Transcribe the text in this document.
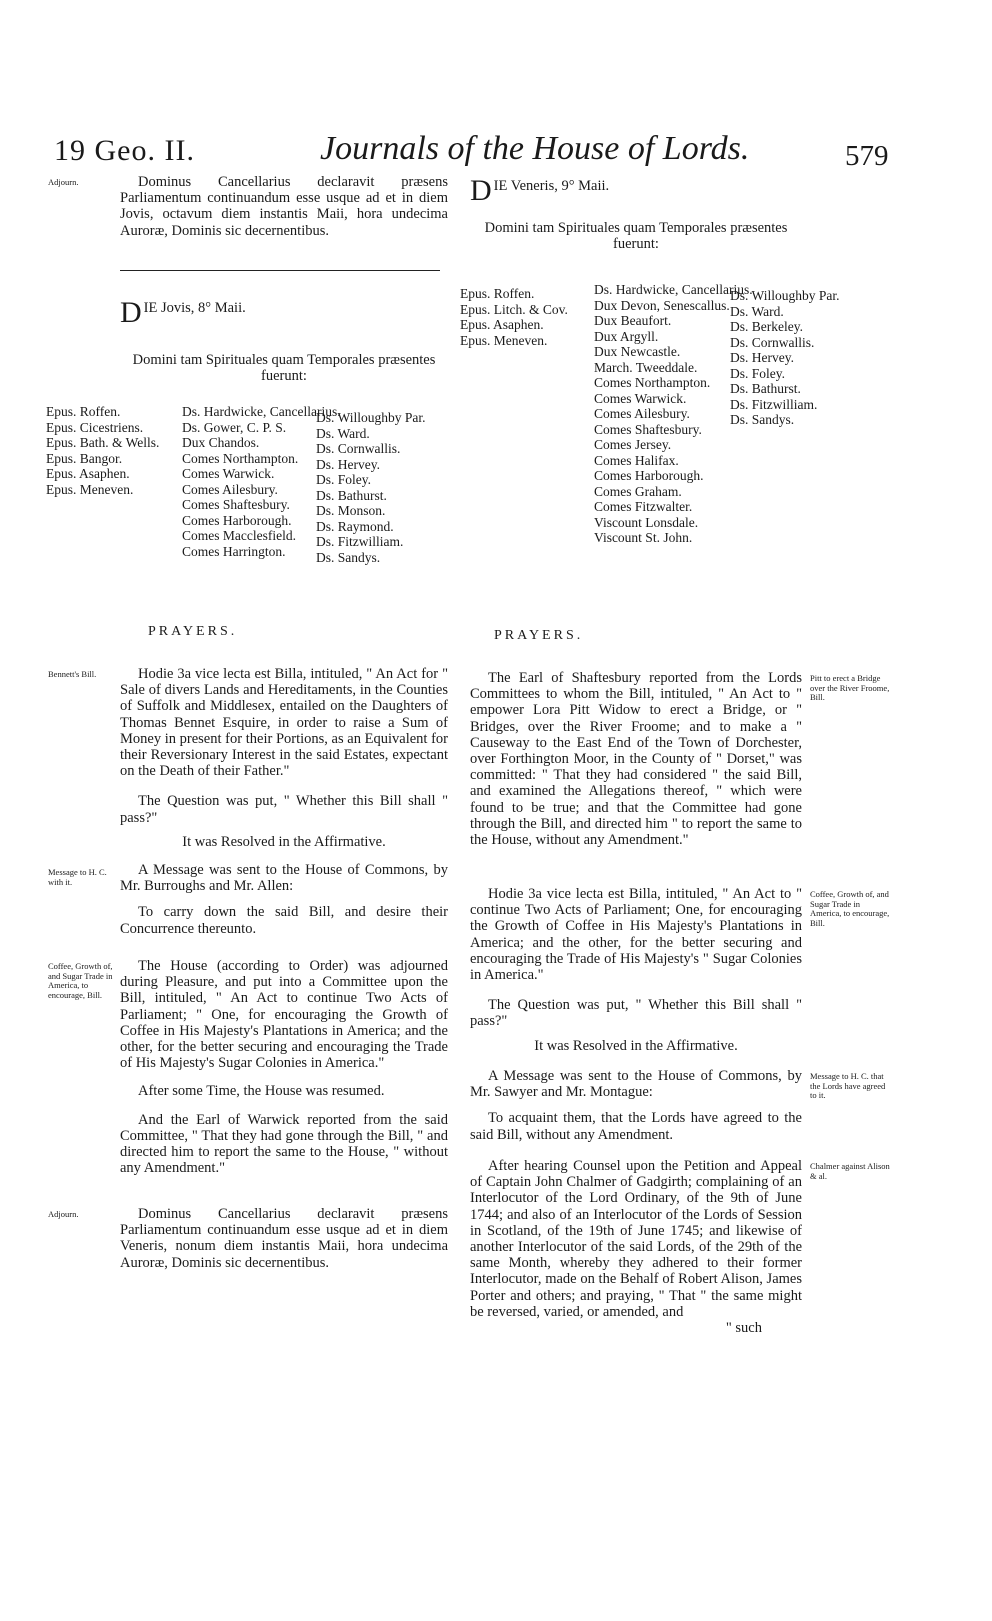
19 Geo. II.	Journals of the House of Lords.	579
Adjourn.	Dominus Cancellarius declaravit præsens Parliamentum continuandum esse usque ad et in diem Jovis, octavum diem instantis Maii, hora undecima Auroræ, Dominis sic decernentibus.

DIE Jovis, 8° Maii.
Domini tam Spirituales quam Temporales præsentes fuerunt:
Epus. Roffen.
Epus. Cicestriens.
Epus. Bath. & Wells.
Epus. Bangor.
Epus. Asaphen.
Epus. Meneven.
Ds. Hardwicke, Cancellarius.
Ds. Gower, C. P. S.
Dux Chandos.
Comes Northampton.
Comes Warwick.
Comes Ailesbury.
Comes Shaftesbury.
Comes Harborough.
Comes Macclesfield.
Comes Harrington.
Ds. Willoughby Par.
Ds. Ward.
Ds. Cornwallis.
Ds. Hervey.
Ds. Foley.
Ds. Bathurst.
Ds. Monson.
Ds. Raymond.
Ds. Fitzwilliam.
Ds. Sandys.
PRAYERS.
Bennett's Bill.	Hodie 3a vice lecta est Billa, intituled, " An Act for " Sale of divers Lands and Hereditaments, in the Counties of Suffolk and Middlesex, entailed on the Daughters of Thomas Bennet Esquire, in order to raise a Sum of Money in present for their Portions, as an Equivalent for their Reversionary Interest in the said Estates, expectant on the Death of their Father."

The Question was put, " Whether this Bill shall " pass?"

It was Resolved in the Affirmative.

Message to H. C. with it.

A Message was sent to the House of Commons, by Mr. Burroughs and Mr. Allen:

To carry down the said Bill, and desire their Concurrence thereunto.

Coffee, Growth of, and Sugar Trade in America, to encourage, Bill.

The House (according to Order) was adjourned during Pleasure, and put into a Committee upon the Bill, intituled, " An Act to continue Two Acts of Parliament; " One, for encouraging the Growth of Coffee in His Majesty's Plantations in America; and the other, for the better securing and encouraging the Trade of His Majesty's Sugar Colonies in America."

After some Time, the House was resumed.

And the Earl of Warwick reported from the said Committee, " That they had gone through the Bill, " and directed him to report the same to the House, " without any Amendment."

Adjourn.	Dominus Cancellarius declaravit præsens Parliamentum continuandum esse usque ad et in diem Veneris, nonum diem instantis Maii, hora undecima Auroræ, Dominis sic decernentibus.

DIE Veneris, 9° Maii.
Domini tam Spirituales quam Temporales præsentes fuerunt:
Epus. Roffen.
Epus. Litch. & Cov.
Epus. Asaphen.
Epus. Meneven.
Ds. Hardwicke, Cancellarius.
Dux Devon, Senescallus.
Dux Beaufort.
Dux Argyll.
Dux Newcastle.
March. Tweeddale.
Comes Northampton.
Comes Warwick.
Comes Ailesbury.
Comes Shaftesbury.
Comes Jersey.
Comes Halifax.
Comes Harborough.
Comes Graham.
Comes Fitzwalter.
Viscount Lonsdale.
Viscount St. John.
Ds. Willoughby Par.
Ds. Ward.
Ds. Berkeley.
Ds. Cornwallis.
Ds. Hervey.
Ds. Foley.
Ds. Bathurst.
Ds. Fitzwilliam.
Ds. Sandys.
PRAYERS.
Pitt to erect a Bridge over the River Froome, Bill.

The Earl of Shaftesbury reported from the Lords Committees to whom the Bill, intituled, " An Act to " empower Lora Pitt Widow to erect a Bridge, or " Bridges, over the River Froome; and to make a " Causeway to the East End of the Town of Dorchester, over Forthington Moor, in the County of " Dorset," was committed: " That they had considered " the said Bill, and examined the Allegations thereof, " which were found to be true; and that the Committee had gone through the Bill, and directed him " to report the same to the House, without any Amendment."

Coffee, Growth of, and Sugar Trade in America, to encourage, Bill.

Hodie 3a vice lecta est Billa, intituled, " An Act to " continue Two Acts of Parliament; One, for encouraging the Growth of Coffee in His Majesty's Plantations in America; and the other, for the better securing and encouraging the Trade of His Majesty's " Sugar Colonies in America."

The Question was put, " Whether this Bill shall " pass?"

It was Resolved in the Affirmative.

Message to H. C. that the Lords have agreed to it.

A Message was sent to the House of Commons, by Mr. Sawyer and Mr. Montague:

To acquaint them, that the Lords have agreed to the said Bill, without any Amendment.

Chalmer against Alison & al.

After hearing Counsel upon the Petition and Appeal of Captain John Chalmer of Gadgirth; complaining of an Interlocutor of the Lord Ordinary, of the 9th of June 1744; and also of an Interlocutor of the Lords of Session in Scotland, of the 19th of June 1745; and likewise of another Interlocutor of the said Lords, of the 29th of the same Month, whereby they adhered to their former Interlocutor, made on the Behalf of Robert Alison, James Porter and others; and praying, " That " the same might be reversed, varied, or amended, and

" such
